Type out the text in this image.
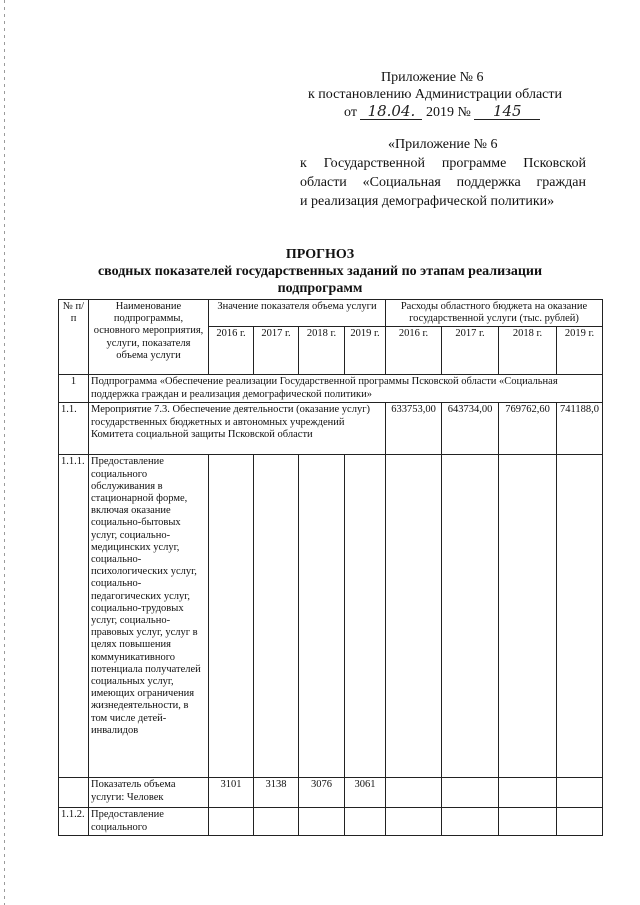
Приложение № 6
к постановлению Администрации области
от 18.04. 2019 № 145
«Приложение № 6
к Государственной программе Псковской
области «Социальная поддержка граждан
и реализация демографической политики»
ПРОГНОЗ
сводных показателей государственных заданий по этапам реализации
подпрограмм
№ п/п	Наименование подпрограммы, основного мероприятия, услуги, показателя объема услуги	Значение показателя объема услуги				Расходы областного бюджета на оказание государственной услуги (тыс. рублей)			
		2016 г.	2017 г.	2018 г.	2019 г.	2016 г.	2017 г.	2018 г.	2019 г.
1	Подпрограмма «Обеспечение реализации Государственной программы Псковской области «Социальная поддержка граждан и реализация демографической политики»								
1.1.	Мероприятие 7.3. Обеспечение деятельности (оказание услуг) государственных бюджетных и автономных учреждений Комитета социальной защиты Псковской области					633753,00	643734,00	769762,60	741188,0
1.1.1.	Предоставление социального обслуживания в стационарной форме, включая оказание социально-бытовых услуг, социально-медицинских услуг, социально-психологических услуг, социально-педагогических услуг, социально-трудовых услуг, социально-правовых услуг, услуг в целях повышения коммуникативного потенциала получателей социальных услуг, имеющих ограничения жизнедеятельности, в том числе детей-инвалидов								
	Показатель объема услуги: Человек	3101	3138	3076	3061				
1.1.2.	Предоставление социального								
